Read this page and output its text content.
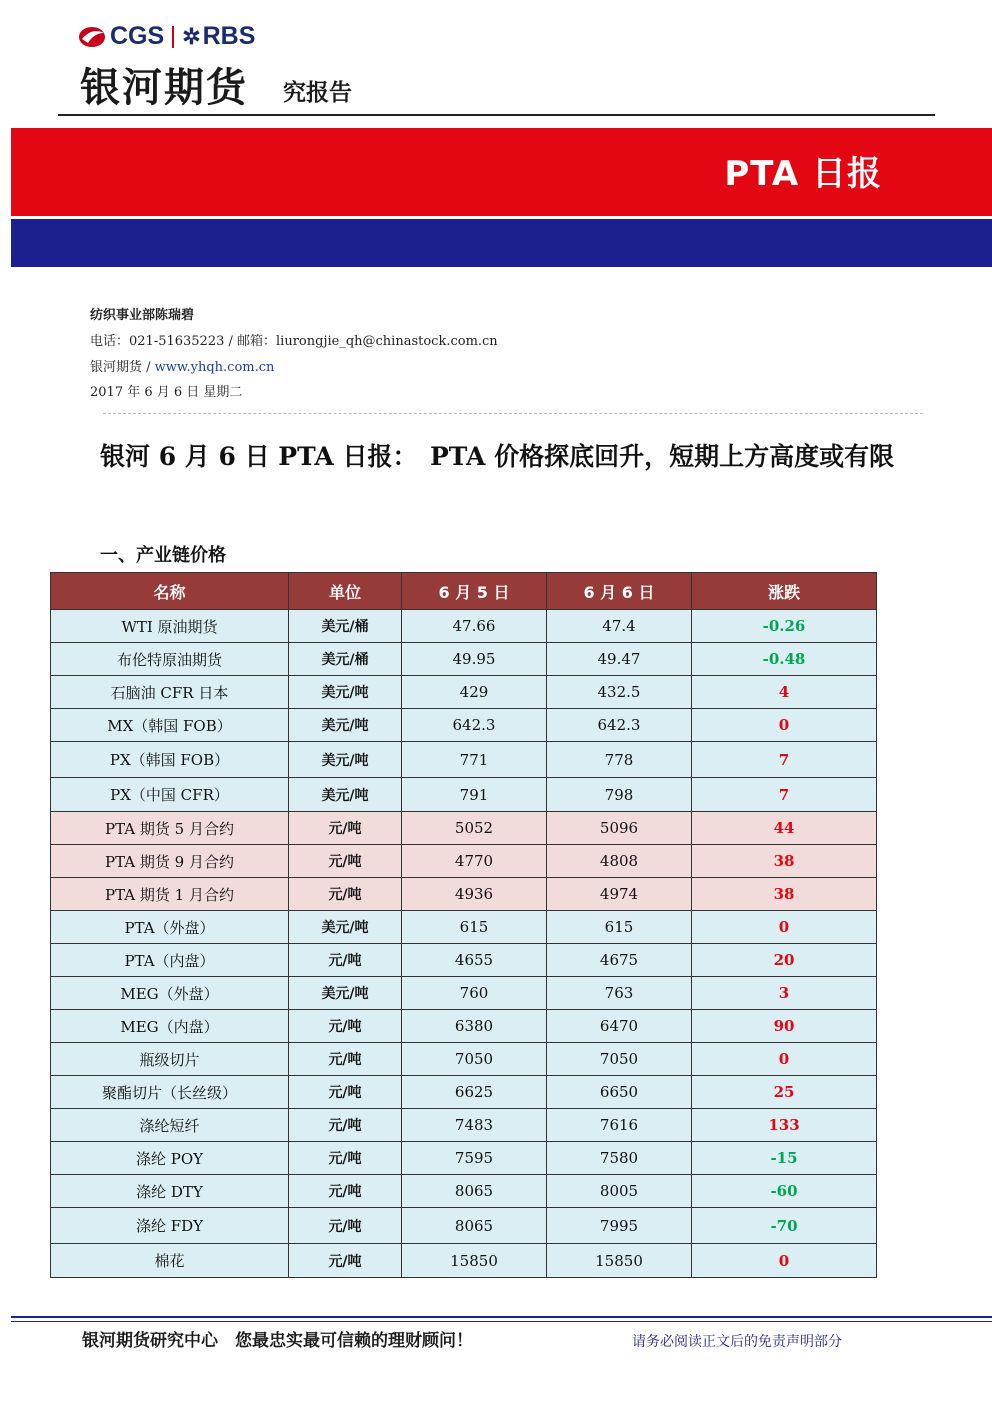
CGS ✲ RBS
银河期货 究报告
PTA 日报
纺织事业部陈瑞碧
电话：021-51635223 / 邮箱：liurongjie_qh@chinastock.com.cn
银河期货 / www.yhqh.com.cn
2017 年 6 月 6 日 星期二
银河 6 月 6 日 PTA 日报：　PTA 价格探底回升，短期上方高度或有限
一、产业链价格
名称	单位	6 月 5 日	6 月 6 日	涨跌
WTI 原油期货	美元/桶	47.66	47.4	-0.26
布伦特原油期货	美元/桶	49.95	49.47	-0.48
石脑油 CFR 日本	美元/吨	429	432.5	4
MX（韩国 FOB）	美元/吨	642.3	642.3	0
PX（韩国 FOB）	美元/吨	771	778	7
PX（中国 CFR）	美元/吨	791	798	7
PTA 期货 5 月合约	元/吨	5052	5096	44
PTA 期货 9 月合约	元/吨	4770	4808	38
PTA 期货 1 月合约	元/吨	4936	4974	38
PTA（外盘）	美元/吨	615	615	0
PTA（内盘）	元/吨	4655	4675	20
MEG（外盘）	美元/吨	760	763	3
MEG（内盘）	元/吨	6380	6470	90
瓶级切片	元/吨	7050	7050	0
聚酯切片（长丝级）	元/吨	6625	6650	25
涤纶短纤	元/吨	7483	7616	133
涤纶 POY	元/吨	7595	7580	-15
涤纶 DTY	元/吨	8065	8005	-60
涤纶 FDY	元/吨	8065	7995	-70
棉花	元/吨	15850	15850	0
银河期货研究中心　您最忠实最可信赖的理财顾问！	请务必阅读正文后的免责声明部分
